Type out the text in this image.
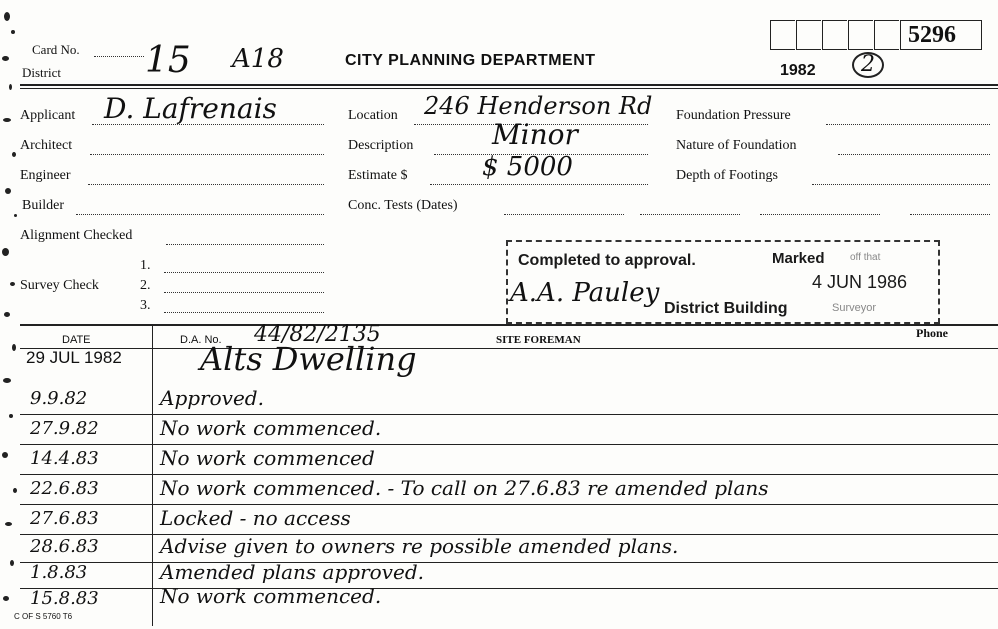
Card No.
District 15 A18	CITY PLANNING DEPARTMENT
5296
1982	2
Applicant D. Lafrenais
Architect
Engineer
Builder
Alignment Checked
Survey Check
1.
2.
3.
Location 246 Henderson Rd
Description	Minor
Estimate $	$ 5000
Conc. Tests (Dates)
Foundation Pressure
Nature of Foundation
Depth of Footings
Completed to approval.	Marked	off that
4 JUN 1986
A.A. Pauley
District Building	Surveyor
DATE	D.A. No. 44/82/2135	SITE FOREMAN	Phone
29 JUL 1982 Alts Dwelling
9.9.82	Approved.
27.9.82	No work commenced.
14.4.83	No work commenced
22.6.83	No work commenced. - To call on 27.6.83 re amended plans
27.6.83	Locked - no access
28.6.83	Advise given to owners re possible amended plans.
1.8.83	Amended plans approved.
15.8.83	No work commenced.
C OF S 5760 T6
